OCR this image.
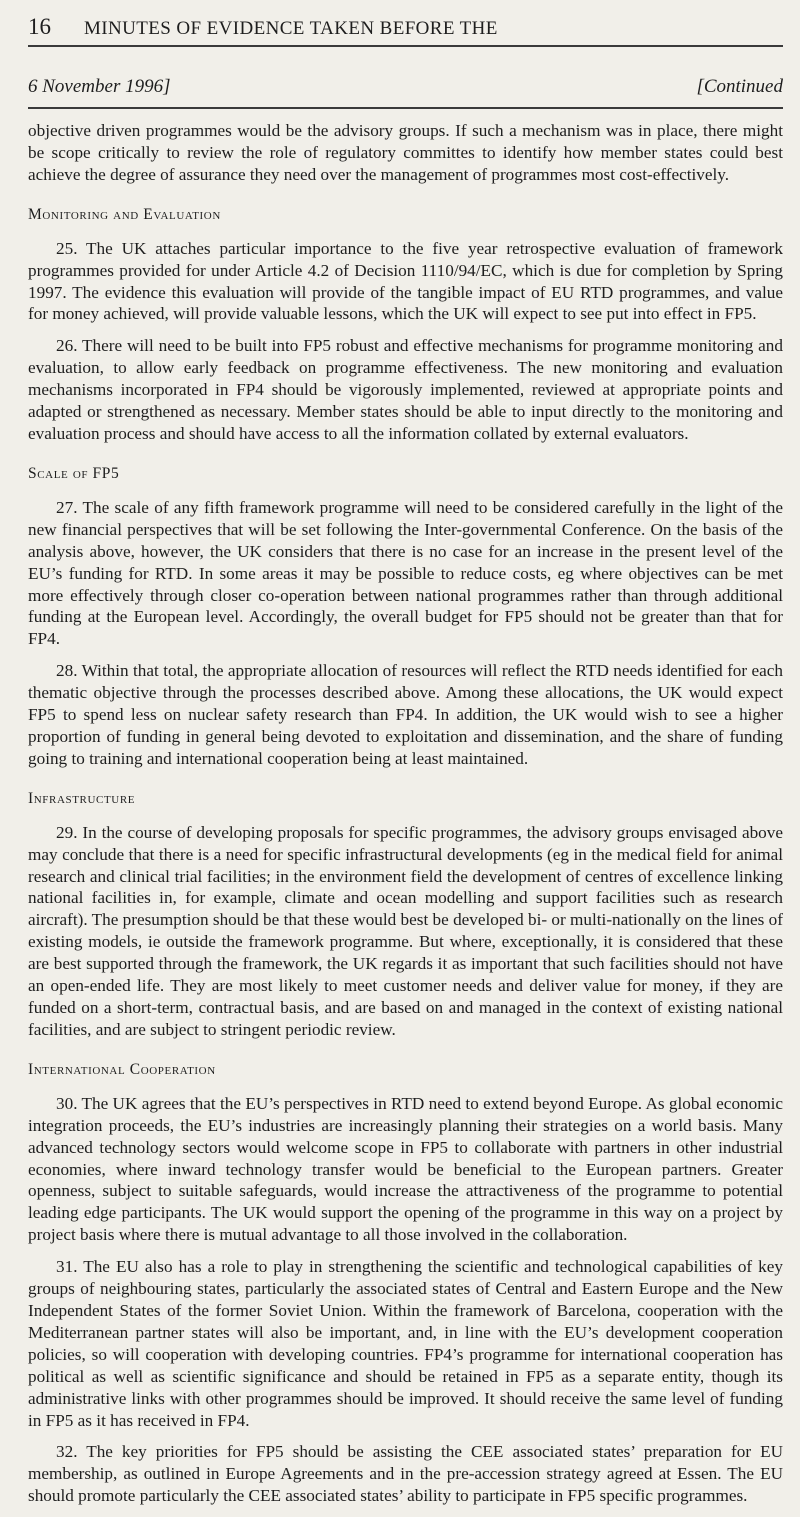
16	MINUTES OF EVIDENCE TAKEN BEFORE THE
6 November 1996]	[Continued

objective driven programmes would be the advisory groups. If such a mechanism was in place, there might be scope critically to review the role of regulatory committes to identify how member states could best achieve the degree of assurance they need over the management of programmes most cost-effectively.

Monitoring and Evaluation

25. The UK attaches particular importance to the five year retrospective evaluation of framework programmes provided for under Article 4.2 of Decision 1110/94/EC, which is due for completion by Spring 1997. The evidence this evaluation will provide of the tangible impact of EU RTD programmes, and value for money achieved, will provide valuable lessons, which the UK will expect to see put into effect in FP5.

26. There will need to be built into FP5 robust and effective mechanisms for programme monitoring and evaluation, to allow early feedback on programme effectiveness. The new monitoring and evaluation mechanisms incorporated in FP4 should be vigorously implemented, reviewed at appropriate points and adapted or strengthened as necessary. Member states should be able to input directly to the monitoring and evaluation process and should have access to all the information collated by external evaluators.

Scale of FP5

27. The scale of any fifth framework programme will need to be considered carefully in the light of the new financial perspectives that will be set following the Inter-governmental Conference. On the basis of the analysis above, however, the UK considers that there is no case for an increase in the present level of the EU’s funding for RTD. In some areas it may be possible to reduce costs, eg where objectives can be met more effectively through closer co-operation between national programmes rather than through additional funding at the European level. Accordingly, the overall budget for FP5 should not be greater than that for FP4.

28. Within that total, the appropriate allocation of resources will reflect the RTD needs identified for each thematic objective through the processes described above. Among these allocations, the UK would expect FP5 to spend less on nuclear safety research than FP4. In addition, the UK would wish to see a higher proportion of funding in general being devoted to exploitation and dissemination, and the share of funding going to training and international cooperation being at least maintained.

Infrastructure

29. In the course of developing proposals for specific programmes, the advisory groups envisaged above may conclude that there is a need for specific infrastructural developments (eg in the medical field for animal research and clinical trial facilities; in the environment field the development of centres of excellence linking national facilities in, for example, climate and ocean modelling and support facilities such as research aircraft). The presumption should be that these would best be developed bi- or multi-nationally on the lines of existing models, ie outside the framework programme. But where, exceptionally, it is considered that these are best supported through the framework, the UK regards it as important that such facilities should not have an open-ended life. They are most likely to meet customer needs and deliver value for money, if they are funded on a short-term, contractual basis, and are based on and managed in the context of existing national facilities, and are subject to stringent periodic review.

International Cooperation

30. The UK agrees that the EU’s perspectives in RTD need to extend beyond Europe. As global economic integration proceeds, the EU’s industries are increasingly planning their strategies on a world basis. Many advanced technology sectors would welcome scope in FP5 to collaborate with partners in other industrial economies, where inward technology transfer would be beneficial to the European partners. Greater openness, subject to suitable safeguards, would increase the attractiveness of the programme to potential leading edge participants. The UK would support the opening of the programme in this way on a project by project basis where there is mutual advantage to all those involved in the collaboration.

31. The EU also has a role to play in strengthening the scientific and technological capabilities of key groups of neighbouring states, particularly the associated states of Central and Eastern Europe and the New Independent States of the former Soviet Union. Within the framework of Barcelona, cooperation with the Mediterranean partner states will also be important, and, in line with the EU’s development cooperation policies, so will cooperation with developing countries. FP4’s programme for international cooperation has political as well as scientific significance and should be retained in FP5 as a separate entity, though its administrative links with other programmes should be improved. It should receive the same level of funding in FP5 as it has received in FP4.

32. The key priorities for FP5 should be assisting the CEE associated states’ preparation for EU membership, as outlined in Europe Agreements and in the pre-accession strategy agreed at Essen. The EU should promote particularly the CEE associated states’ ability to participate in FP5 specific programmes.
